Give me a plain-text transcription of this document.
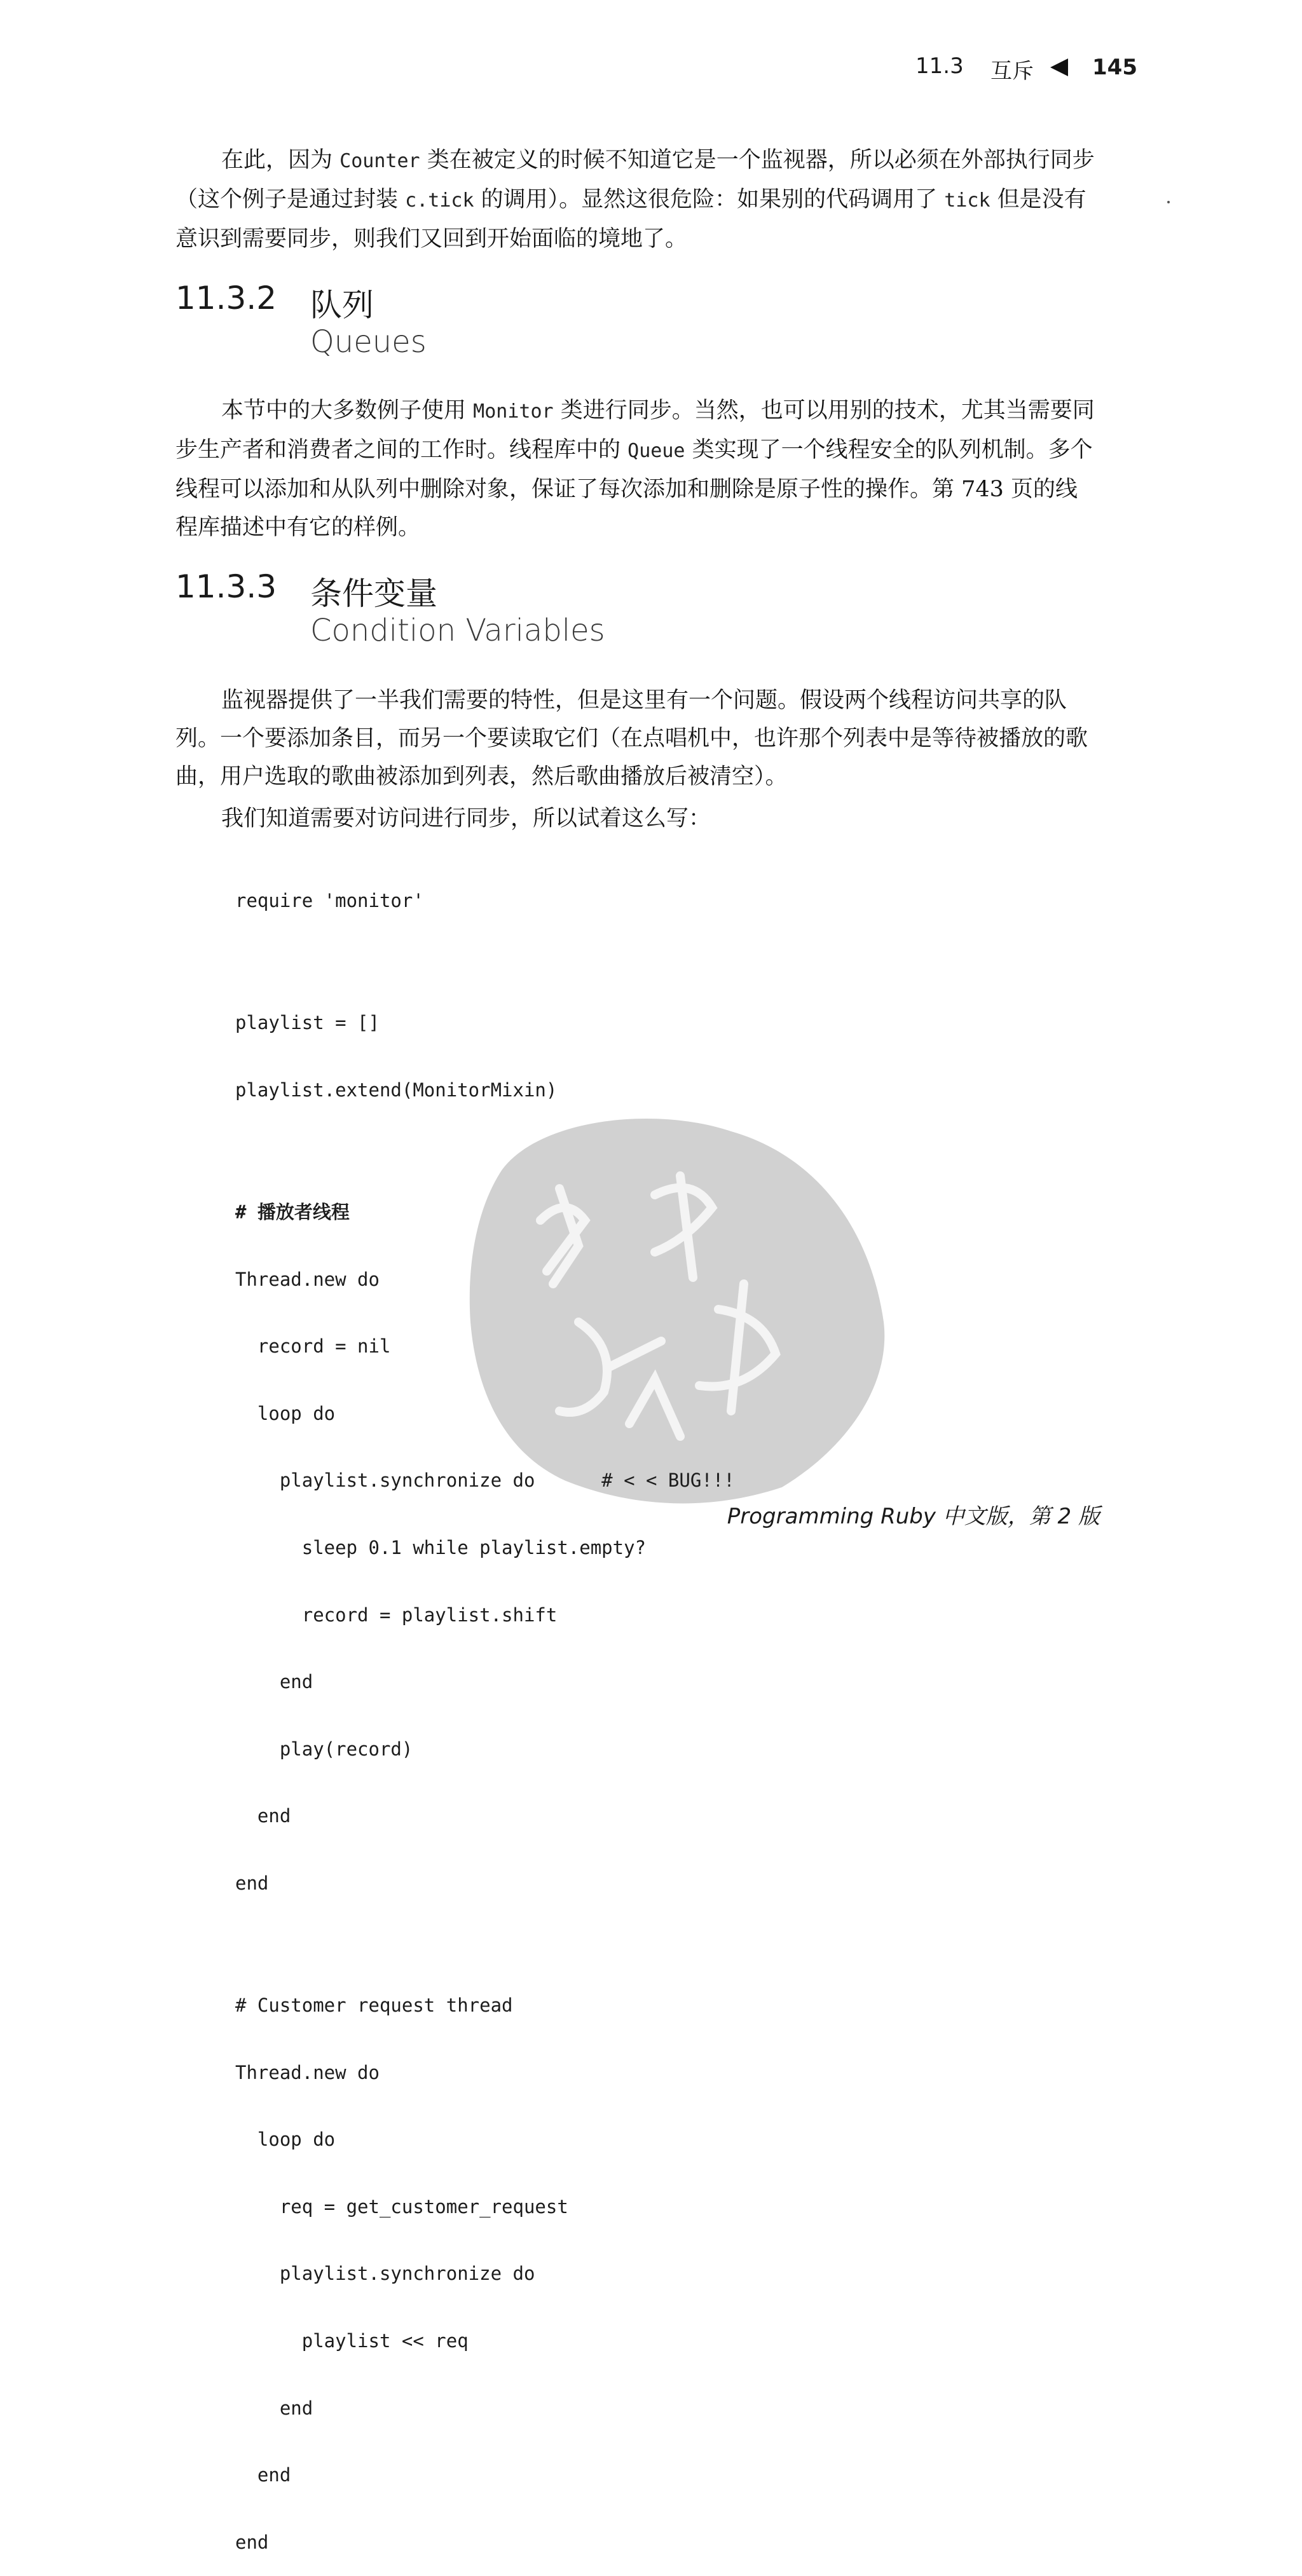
11.3 互斥	145

在此，因为 Counter 类在被定义的时候不知道它是一个监视器，所以必须在外部执行同步（这个例子是通过封装 c.tick 的调用）。显然这很危险：如果别的代码调用了 tick 但是没有意识到需要同步，则我们又回到开始面临的境地了。

11.3.2 队列
Queues

本节中的大多数例子使用 Monitor 类进行同步。当然，也可以用别的技术，尤其当需要同步生产者和消费者之间的工作时。线程库中的 Queue 类实现了一个线程安全的队列机制。多个线程可以添加和从队列中删除对象，保证了每次添加和删除是原子性的操作。第 743 页的线程库描述中有它的样例。

11.3.3 条件变量
Condition Variables

监视器提供了一半我们需要的特性，但是这里有一个问题。假设两个线程访问共享的队列。一个要添加条目，而另一个要读取它们（在点唱机中，也许那个列表中是等待被播放的歌曲，用户选取的歌曲被添加到列表，然后歌曲播放后被清空）。

我们知道需要对访问进行同步，所以试着这么写：

require 'monitor'

playlist = []

playlist.extend(MonitorMixin)

# 播放者线程

Thread.new do

record = nil

loop do

playlist.synchronize do      # < < BUG!!!

sleep 0.1 while playlist.empty?

record = playlist.shift

end

play(record)

end

end

# Customer request thread

Thread.new do

loop do

req = get_customer_request

playlist.synchronize do

playlist << req

end

end

end

Programming Ruby 中文版，第 2 版
